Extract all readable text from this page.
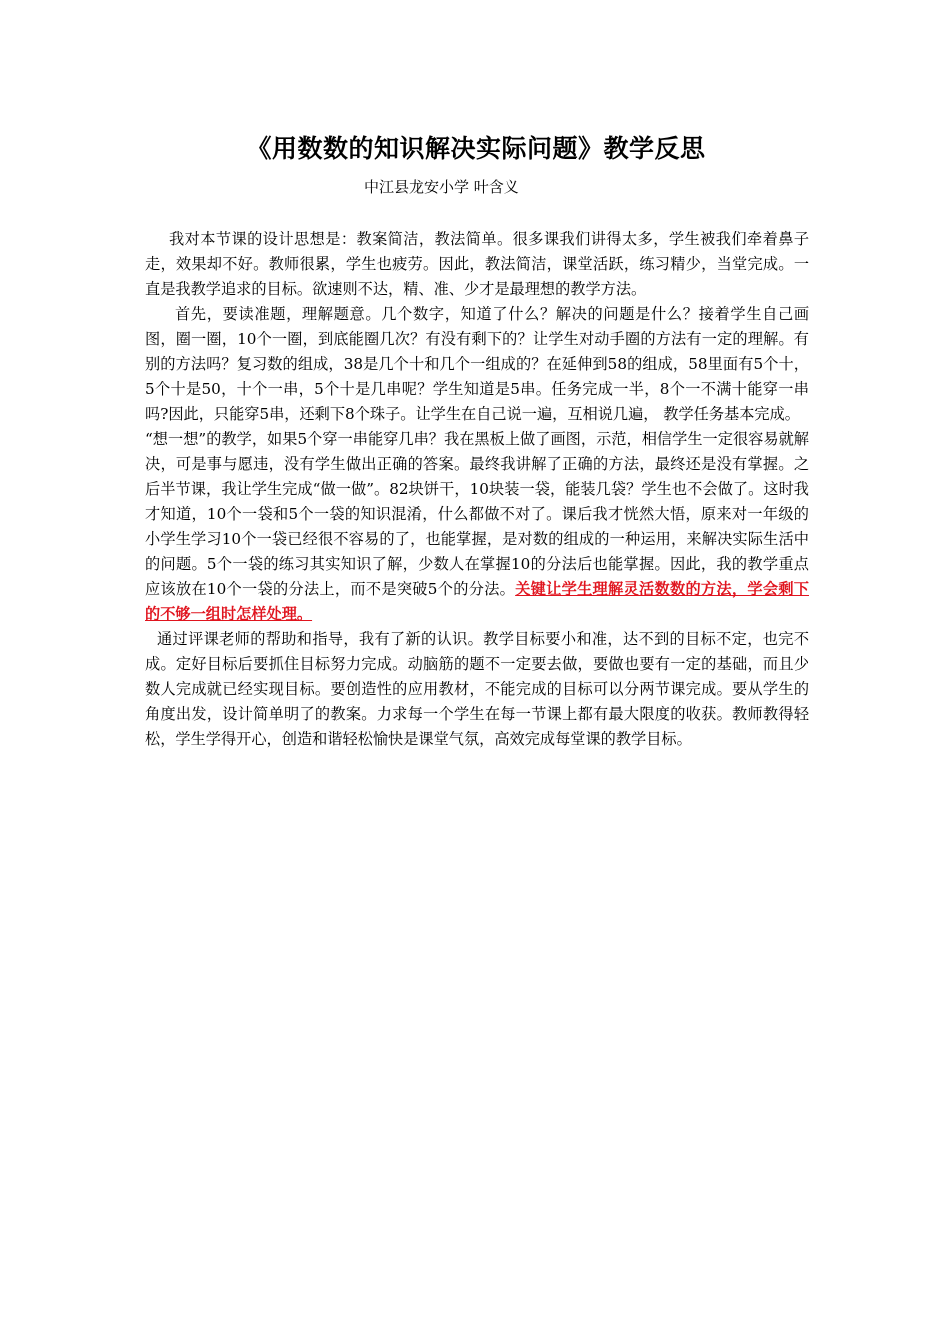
《用数数的知识解决实际问题》教学反思
中江县龙安小学 叶含义

我对本节课的设计思想是：教案简洁，教法简单。很多课我们讲得太多，学生被我们牵着鼻子走，效果却不好。教师很累，学生也疲劳。因此，教法简洁，课堂活跃，练习精少，当堂完成。一直是我教学追求的目标。欲速则不达，精、准、少才是最理想的教学方法。

首先，要读准题，理解题意。几个数字，知道了什么？解决的问题是什么？接着学生自己画图，圈一圈，10个一圈，到底能圈几次？有没有剩下的？让学生对动手圈的方法有一定的理解。有别的方法吗？复习数的组成，38是几个十和几个一组成的？在延伸到58的组成，58里面有5个十，5个十是50，十个一串，5个十是几串呢？学生知道是5串。任务完成一半，8个一不满十能穿一串吗?因此，只能穿5串，还剩下8个珠子。让学生在自己说一遍，互相说几遍， 教学任务基本完成。

“想一想”的教学，如果5个穿一串能穿几串？我在黑板上做了画图，示范，相信学生一定很容易就解决，可是事与愿违，没有学生做出正确的答案。最终我讲解了正确的方法，最终还是没有掌握。之后半节课，我让学生完成“做一做”。82块饼干，10块装一袋，能装几袋？学生也不会做了。这时我才知道，10个一袋和5个一袋的知识混淆，什么都做不对了。课后我才恍然大悟，原来对一年级的小学生学习10个一袋已经很不容易的了，也能掌握，是对数的组成的一种运用，来解决实际生活中的问题。5个一袋的练习其实知识了解，少数人在掌握10的分法后也能掌握。因此，我的教学重点应该放在10个一袋的分法上，而不是突破5个的分法。关键让学生理解灵活数数的方法，学会剩下的不够一组时怎样处理。

通过评课老师的帮助和指导，我有了新的认识。教学目标要小和准，达不到的目标不定，也完不成。定好目标后要抓住目标努力完成。动脑筋的题不一定要去做，要做也要有一定的基础，而且少数人完成就已经实现目标。要创造性的应用教材，不能完成的目标可以分两节课完成。要从学生的角度出发，设计简单明了的教案。力求每一个学生在每一节课上都有最大限度的收获。教师教得轻松，学生学得开心，创造和谐轻松愉快是课堂气氛，高效完成每堂课的教学目标。
